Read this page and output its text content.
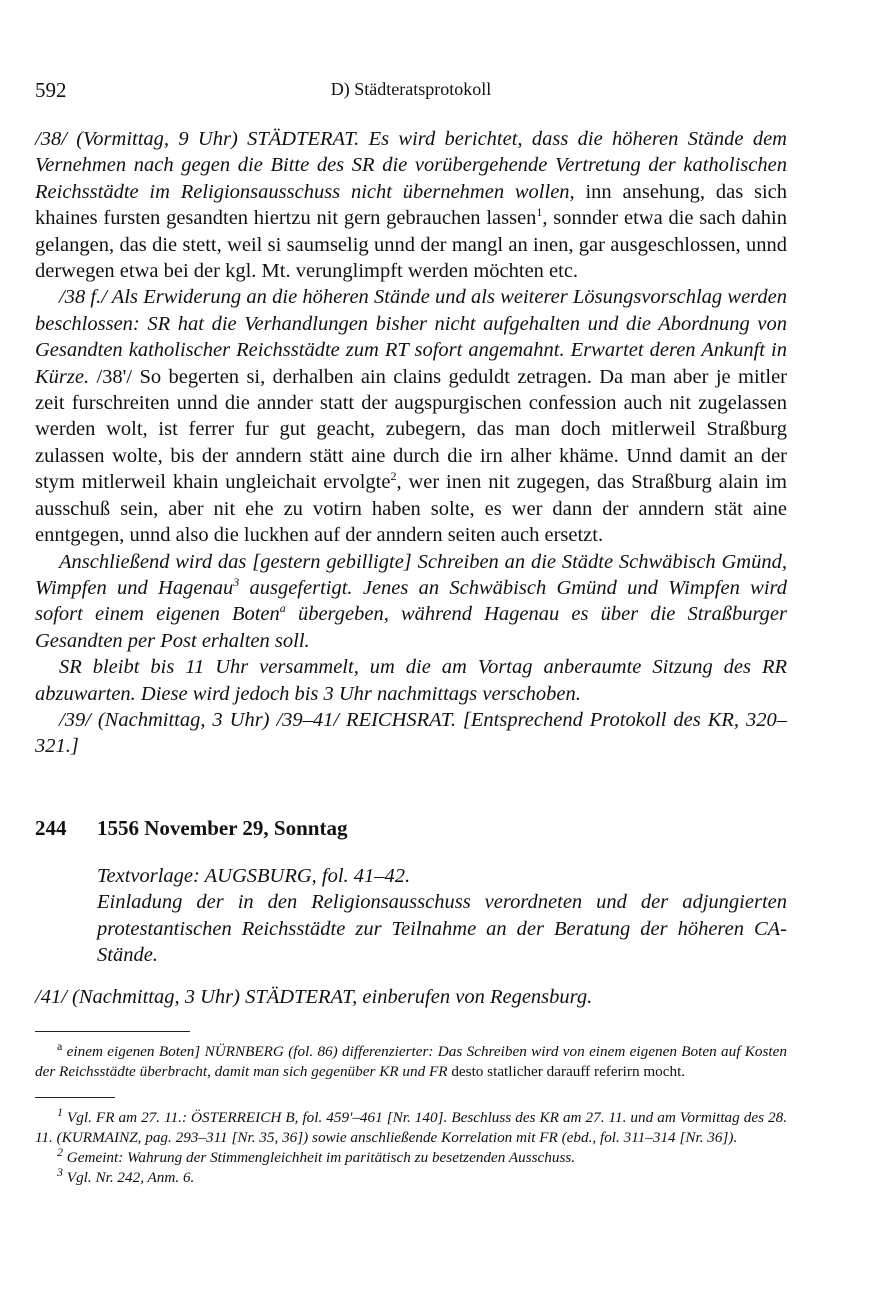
592	D) Städteratsprotokoll

/38/ (Vormittag, 9 Uhr) STÄDTERAT. Es wird berichtet, dass die höheren Stände dem Vernehmen nach gegen die Bitte des SR die vorübergehende Vertretung der katholischen Reichsstädte im Religionsausschuss nicht übernehmen wollen, inn ansehung, das sich khaines fursten gesandten hiertzu nit gern gebrauchen lassen$^1$, sonnder etwa die sach dahin gelangen, das die stett, weil si saumselig unnd der mangl an inen, gar ausgeschlossen, unnd derwegen etwa bei der kgl. Mt. verunglimpft werden möchten etc.

/38 f./ Als Erwiderung an die höheren Stände und als weiterer Lösungsvorschlag werden beschlossen: SR hat die Verhandlungen bisher nicht aufgehalten und die Abordnung von Gesandten katholischer Reichsstädte zum RT sofort angemahnt. Erwartet deren Ankunft in Kürze. /38'/ So begerten si, derhalben ain clains geduldt zetragen. Da man aber je mitler zeit furschreiten unnd die annder statt der augspurgischen confession auch nit zugelassen werden wolt, ist ferrer fur gut geacht, zubegern, das man doch mitlerweil Straßburg zulassen wolte, bis der anndern stätt aine durch die irn alher khäme. Unnd damit an der stym mitlerweil khain ungleichait ervolgte$^2$, wer inen nit zugegen, das Straßburg alain im ausschuß sein, aber nit ehe zu votirn haben solte, es wer dann der anndern stät aine enntgegen, unnd also die luckhen auf der anndern seiten auch ersetzt.

Anschließend wird das [gestern gebilligte] Schreiben an die Städte Schwäbisch Gmünd, Wimpfen und Hagenau$^3$ ausgefertigt. Jenes an Schwäbisch Gmünd und Wimpfen wird sofort einem eigenen Boten$^a$ übergeben, während Hagenau es über die Straßburger Gesandten per Post erhalten soll.

SR bleibt bis 11 Uhr versammelt, um die am Vortag anberaumte Sitzung des RR abzuwarten. Diese wird jedoch bis 3 Uhr nachmittags verschoben.

/39/ (Nachmittag, 3 Uhr) /39–41/ REICHSRAT. [Entsprechend Protokoll des KR, 320–321.]

244	1556 November 29, Sonntag

Textvorlage: AUGSBURG, fol. 41–42.

Einladung der in den Religionsausschuss verordneten und der adjungierten protestantischen Reichsstädte zur Teilnahme an der Beratung der höheren CA-Stände.

/41/ (Nachmittag, 3 Uhr) STÄDTERAT, einberufen von Regensburg.

$^a$ einem eigenen Boten] NÜRNBERG (fol. 86) differenzierter: Das Schreiben wird von einem eigenen Boten auf Kosten der Reichsstädte überbracht, damit man sich gegenüber KR und FR desto statlicher darauff referirn mocht.

$^1$ Vgl. FR am 27. 11.: ÖSTERREICH B, fol. 459'–461 [Nr. 140]. Beschluss des KR am 27. 11. und am Vormittag des 28. 11. (KURMAINZ, pag. 293–311 [Nr. 35, 36]) sowie anschließende Korrelation mit FR (ebd., fol. 311–314 [Nr. 36]).

$^2$ Gemeint: Wahrung der Stimmengleichheit im paritätisch zu besetzenden Ausschuss.

$^3$ Vgl. Nr. 242, Anm. 6.
